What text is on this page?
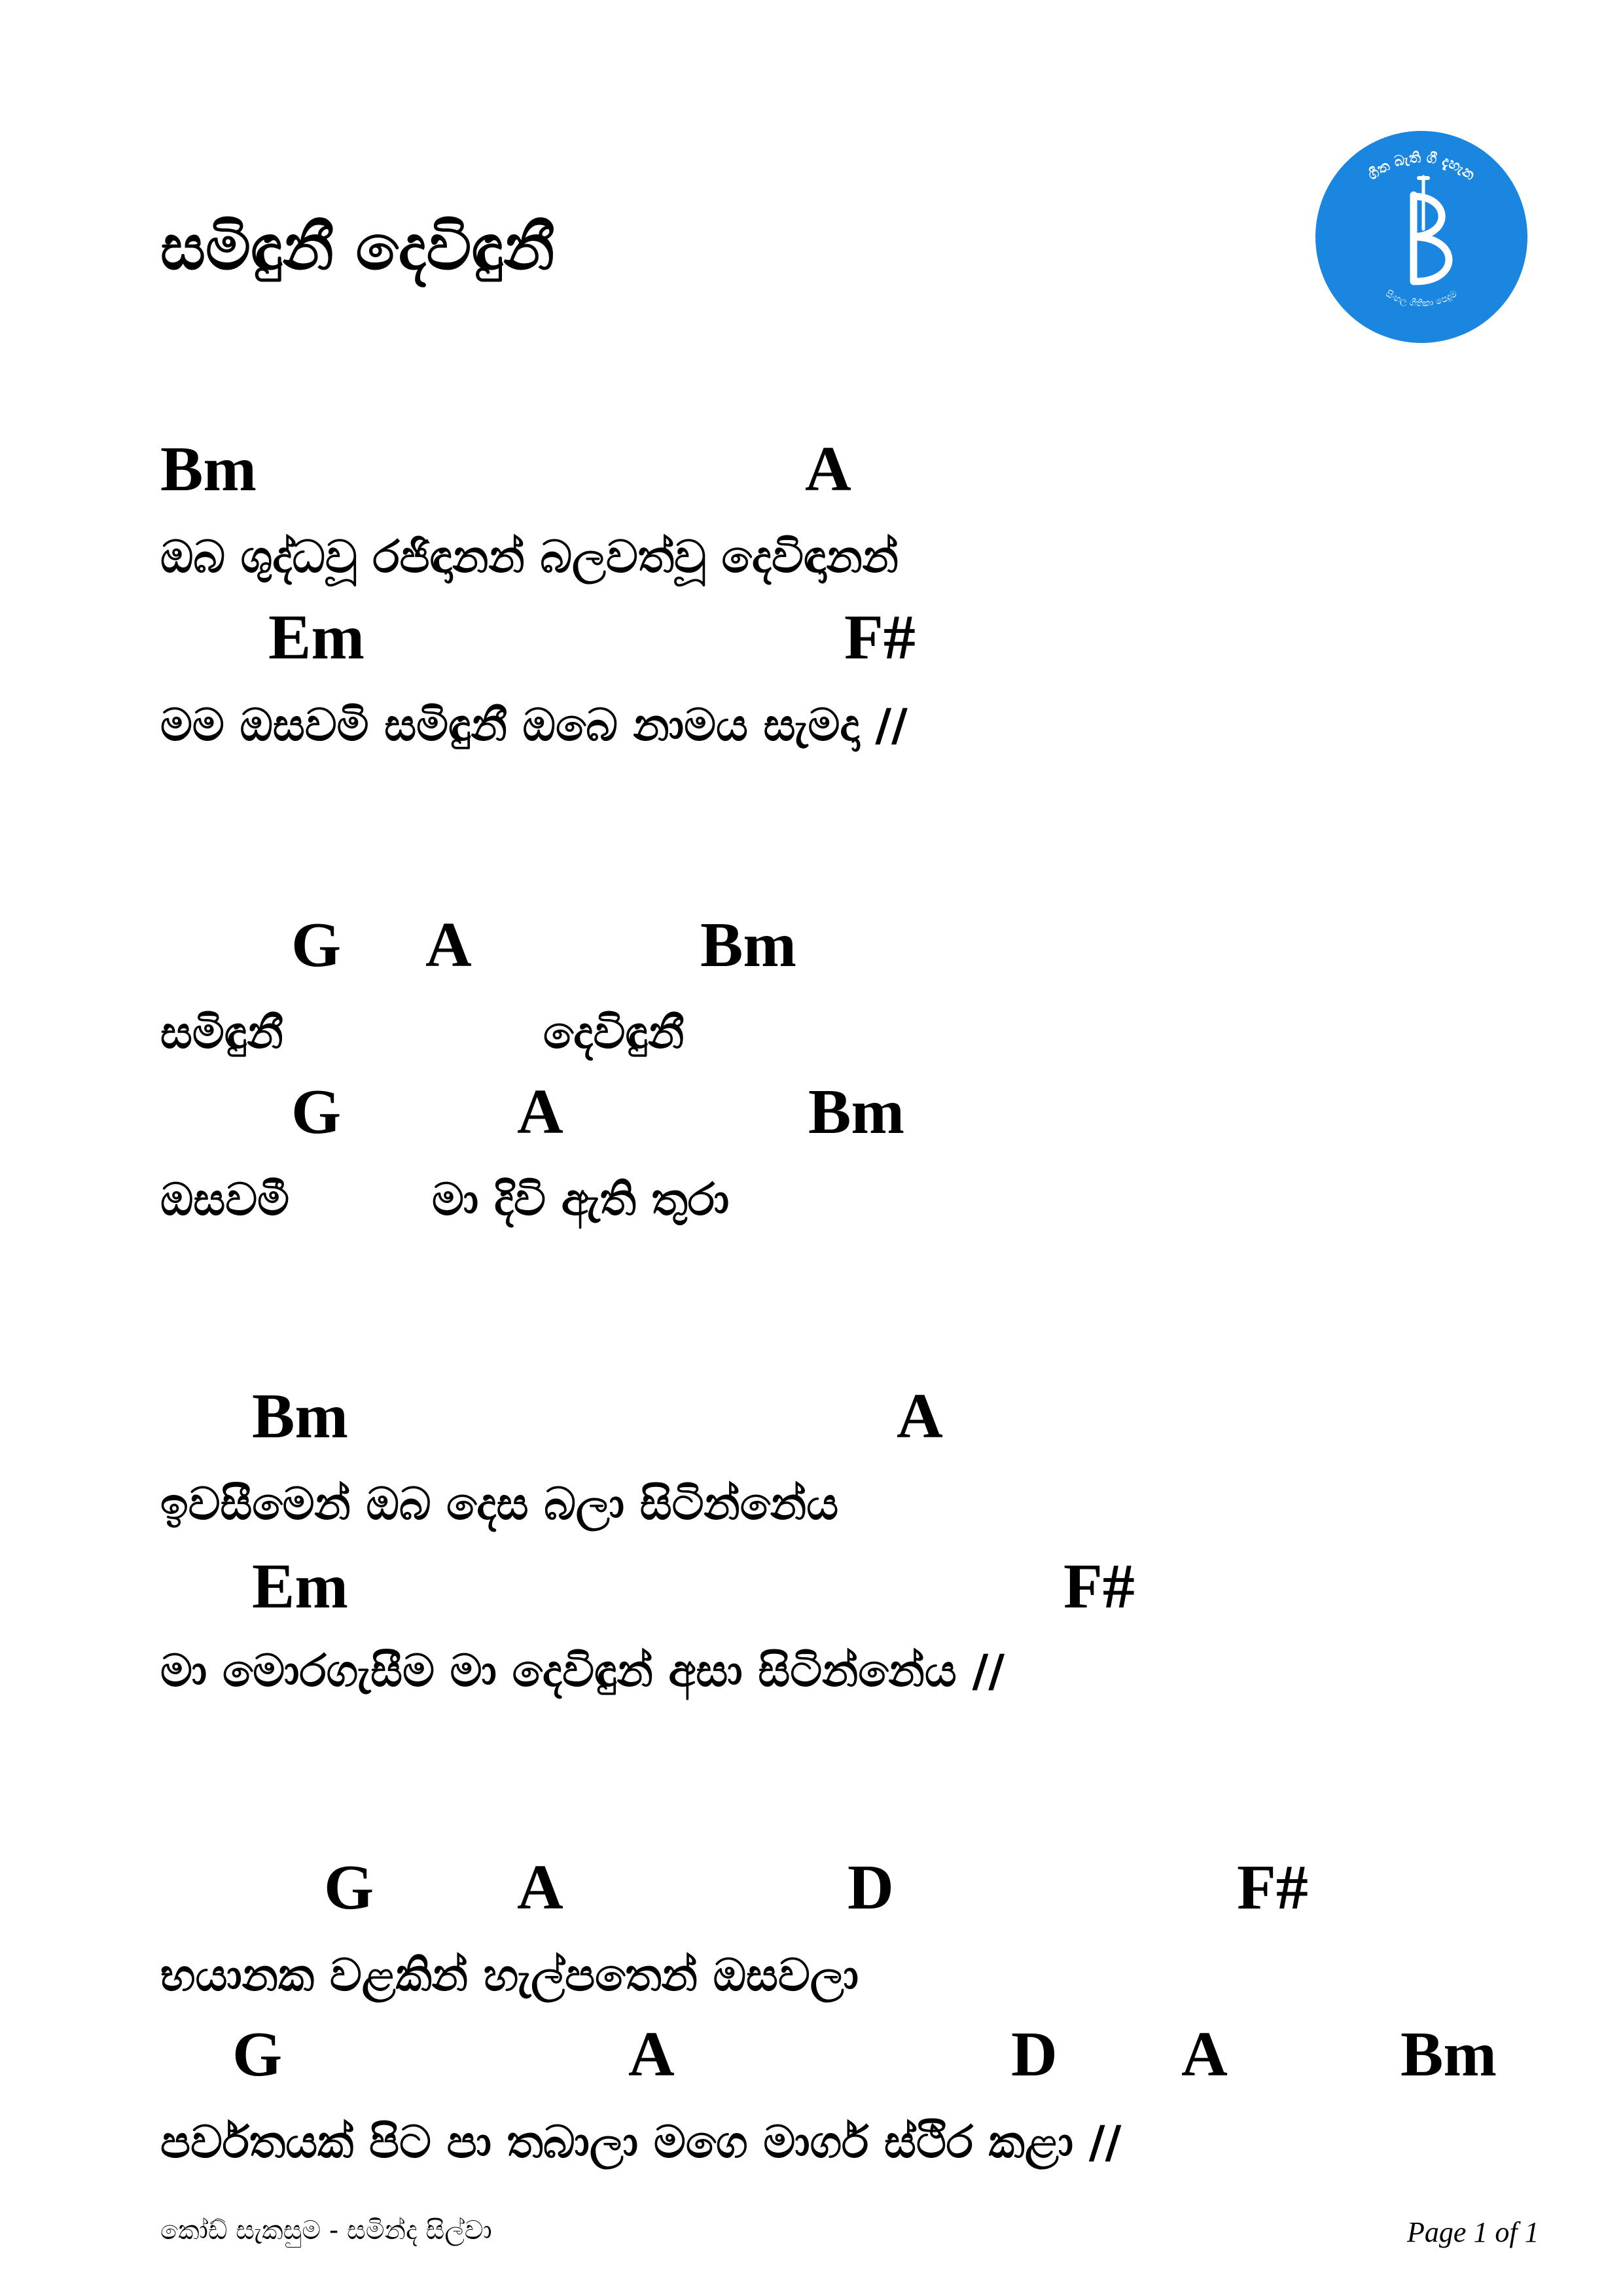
සමිඳුනී දෙවිඳුනී
ගීත බැති ගී දැහැන
සිංහල ගීතිකා පෙදුම
Bm	A
ඔබ ශුද්ධවූ රජිඳානන් බලවත්වූ දෙවිඳානන්
Em	F#
මම ඔසවමි සමිඳුනී ඔබෙ නාමය සැමදා //
G A	Bm
සමිඳුනී	දෙවිඳුනී
G	A	Bm
ඔසවමී	මා දිවි ඇති තුරා
Bm	A
ඉවසීමෙන් ඔබ දෙස බලා සිටින්නේය
Em	F#
මා මොරගැසීම මා දෙවිඳුන් අසා සිටින්නේය //
G A	D	F#
භයානක වළකින් හැල්පතෙන් ඔසවලා
G	A	D A	Bm
පර්වතයක් පිට පා තබාලා මගෙ මාර්ග ස්ථිර කළා //
කෝඩ් සැකසුම - සමින්ද සිල්වා	Page 1 of 1
